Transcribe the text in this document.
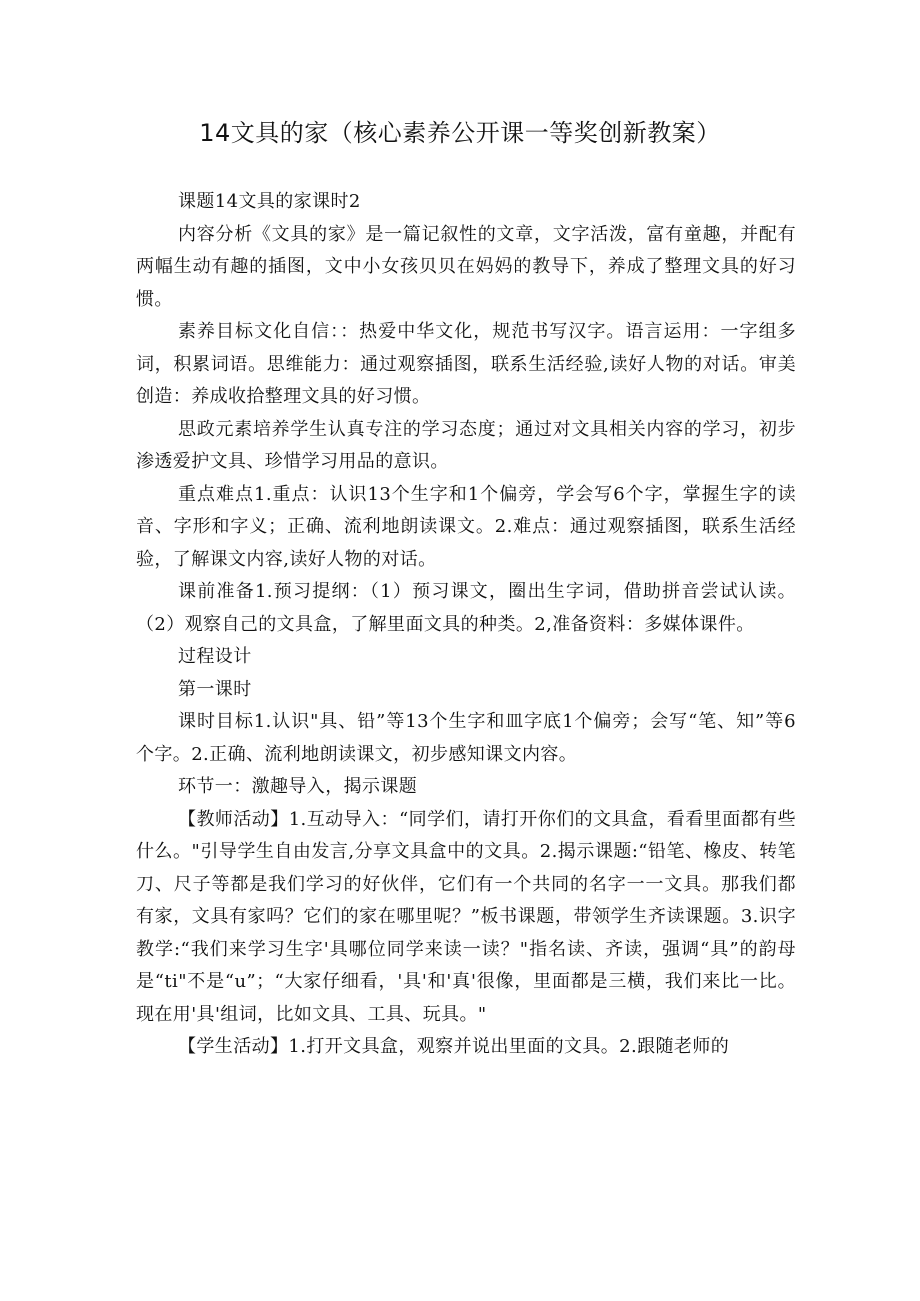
14文具的家（核心素养公开课一等奖创新教案）

课题14文具的家课时2

内容分析《文具的家》是一篇记叙性的文章，文字活泼，富有童趣，并配有两幅生动有趣的插图，文中小女孩贝贝在妈妈的教导下，养成了整理文具的好习惯。

素养目标文化自信：：热爱中华文化，规范书写汉字。语言运用：一字组多词，积累词语。思维能力：通过观察插图，联系生活经验,读好人物的对话。审美创造：养成收拾整理文具的好习惯。

思政元素培养学生认真专注的学习态度；通过对文具相关内容的学习，初步渗透爱护文具、珍惜学习用品的意识。

重点难点1.重点：认识13个生字和1个偏旁，学会写6个字，掌握生字的读音、字形和字义；正确、流利地朗读课文。2.难点：通过观察插图，联系生活经验，了解课文内容,读好人物的对话。

课前准备1.预习提纲：（1）预习课文，圈出生字词，借助拼音尝试认读。（2）观察自己的文具盒，了解里面文具的种类。2,准备资料：多媒体课件。

过程设计

第一课时

课时目标1.认识"具、铅”等13个生字和皿字底1个偏旁；会写“笔、知”等6个字。2.正确、流利地朗读课文，初步感知课文内容。

环节一：激趣导入，揭示课题

【教师活动】1.互动导入：“同学们，请打开你们的文具盒，看看里面都有些什么。"引导学生自由发言,分享文具盒中的文具。2.揭示课题:“铅笔、橡皮、转笔刀、尺子等都是我们学习的好伙伴，它们有一个共同的名字一一文具。那我们都有家，文具有家吗？它们的家在哪里呢？”板书课题，带领学生齐读课题。3.识字教学:“我们来学习生字'具哪位同学来读一读？"指名读、齐读，强调“具”的韵母是“ti"不是“u”；“大家仔细看，'具'和'真'很像，里面都是三横，我们来比一比。现在用'具'组词，比如文具、工具、玩具。"

【学生活动】1.打开文具盒，观察并说出里面的文具。2.跟随老师的
